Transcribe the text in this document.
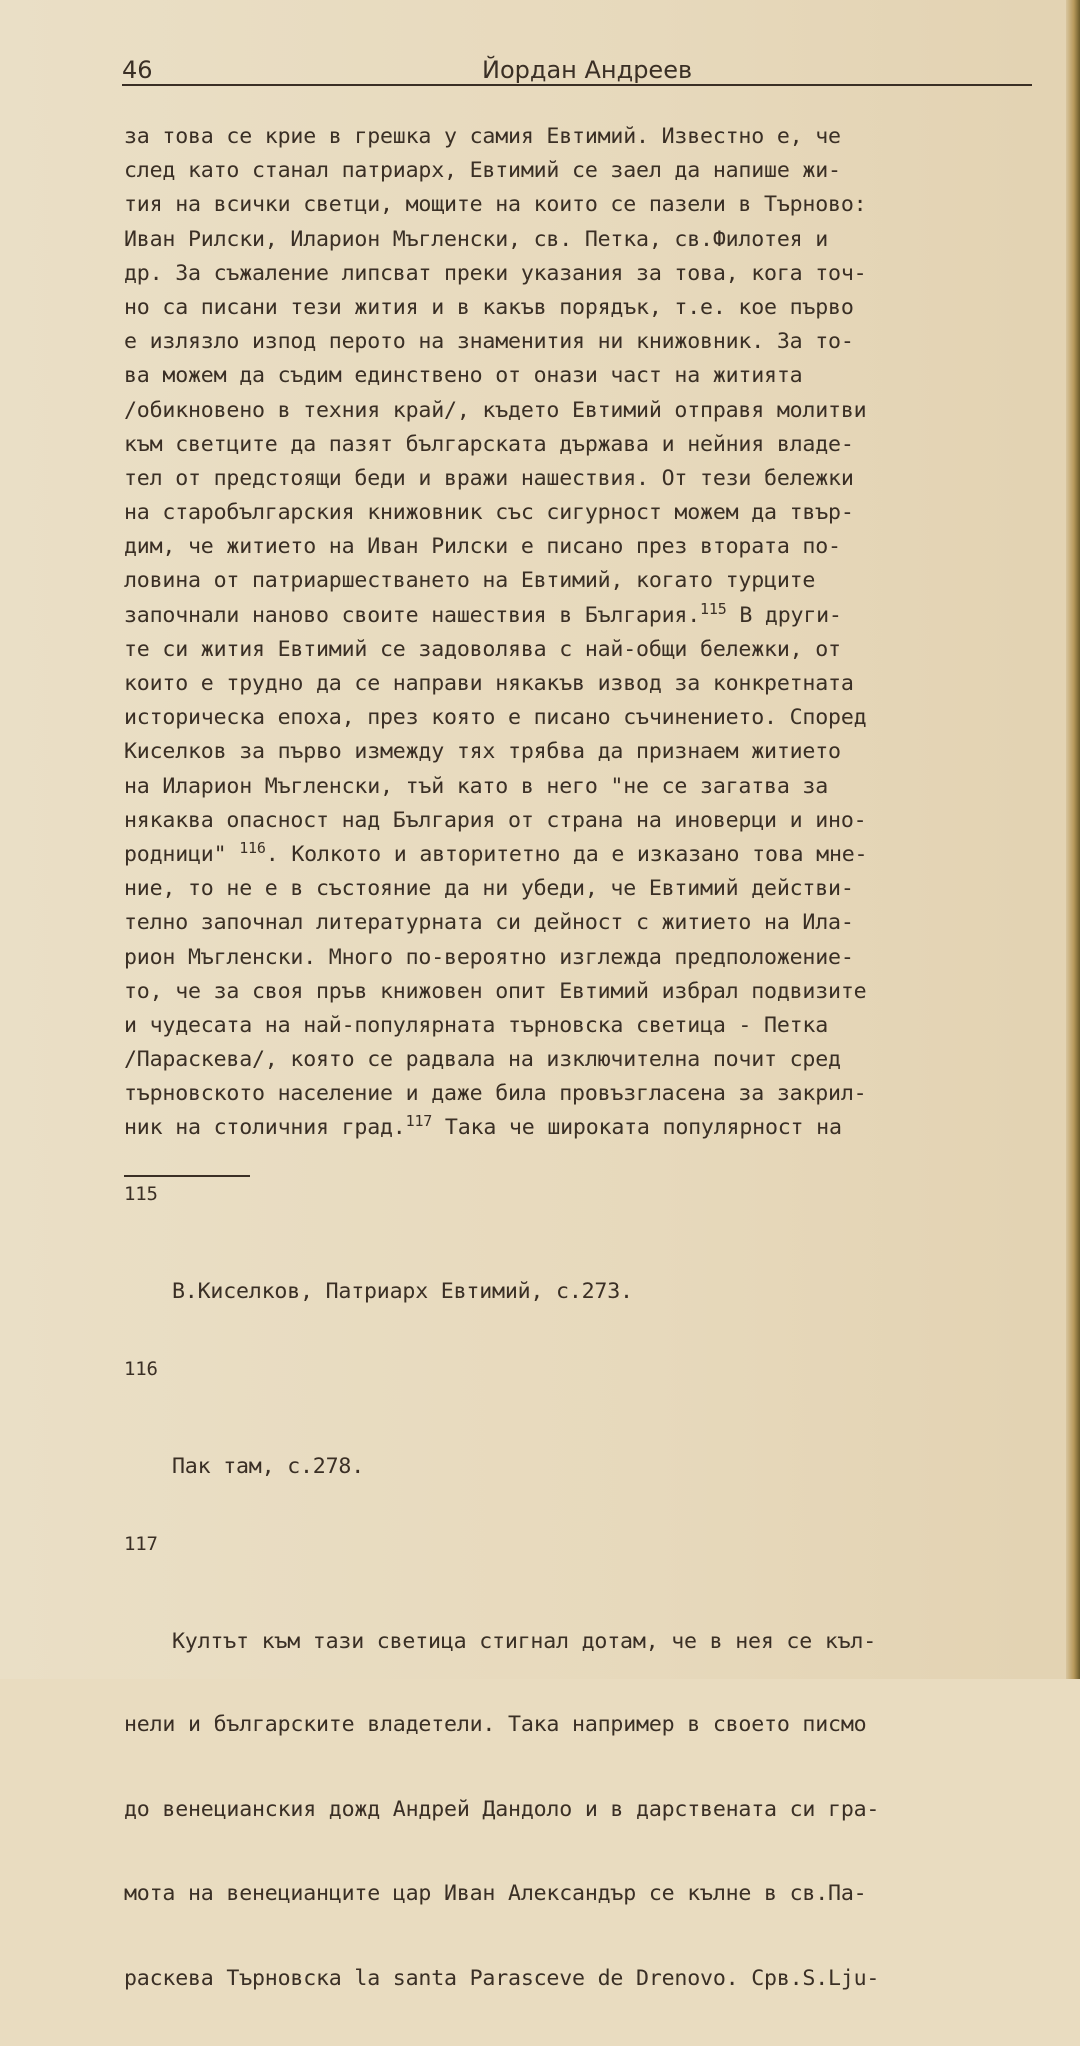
46	Йордан Андреев
за това се крие в грешка у самия Евтимий. Известно е, че
след като станал патриарх, Евтимий се заел да напише жи-
тия на всички светци, мощите на които се пазели в Търново:
Иван Рилски, Иларион Мъгленски, св. Петка, св.Филотея и
др. За съжаление липсват преки указания за това, кога точ-
но са писани тези жития и в какъв порядък, т.е. кое първо
е излязло изпод перото на знаменития ни книжовник. За то-
ва можем да съдим единствено от онази част на житията
/обикновено в техния край/, където Евтимий отправя молитви
към светците да пазят българската държава и нейния владе-
тел от предстоящи беди и вражи нашествия. От тези бележки
на старобългарския книжовник със сигурност можем да твър-
дим, че житието на Иван Рилски е писано през втората по-
ловина от патриаршестването на Евтимий, когато турците
започнали наново своите нашествия в България.$^{115}$ В други-
те си жития Евтимий се задоволява с най-общи бележки, от
които е трудно да се направи някакъв извод за конкретната
историческа епоха, през която е писано съчинението. Според
Киселков за първо измежду тях трябва да признаем житието
на Иларион Мъгленски, тъй като в него "не се загатва за
някаква опасност над България от страна на иноверци и ино-
родници" $^{116}$. Колкото и авторитетно да е изказано това мне-
ние, то не е в състояние да ни убеди, че Евтимий действи-
телно започнал литературната си дейност с житието на Ила-
рион Мъгленски. Много по-вероятно изглежда предположение-
то, че за своя пръв книжовен опит Евтимий избрал подвизите
и чудесата на най-популярната търновска светица - Петка
/Параскева/, която се радвала на изключителна почит сред
търновското население и даже била провъзгласена за закрил-
ник на столичния град.$^{117}$ Така че широката популярност на

115

В.Киселков, Патриарх Евтимий, с.273.

116

Пак там, с.278.

117

Култът към тази светица стигнал дотам, че в нея се къл-

нели и българските владетели. Така например в своето писмо

до венецианския дожд Андрей Дандоло и в дарствената си гра-

мота на венецианците цар Иван Александър се кълне в св.Па-

раскева Търновска la santa Parasceve de Drenovo. Срв.S.Lju-
